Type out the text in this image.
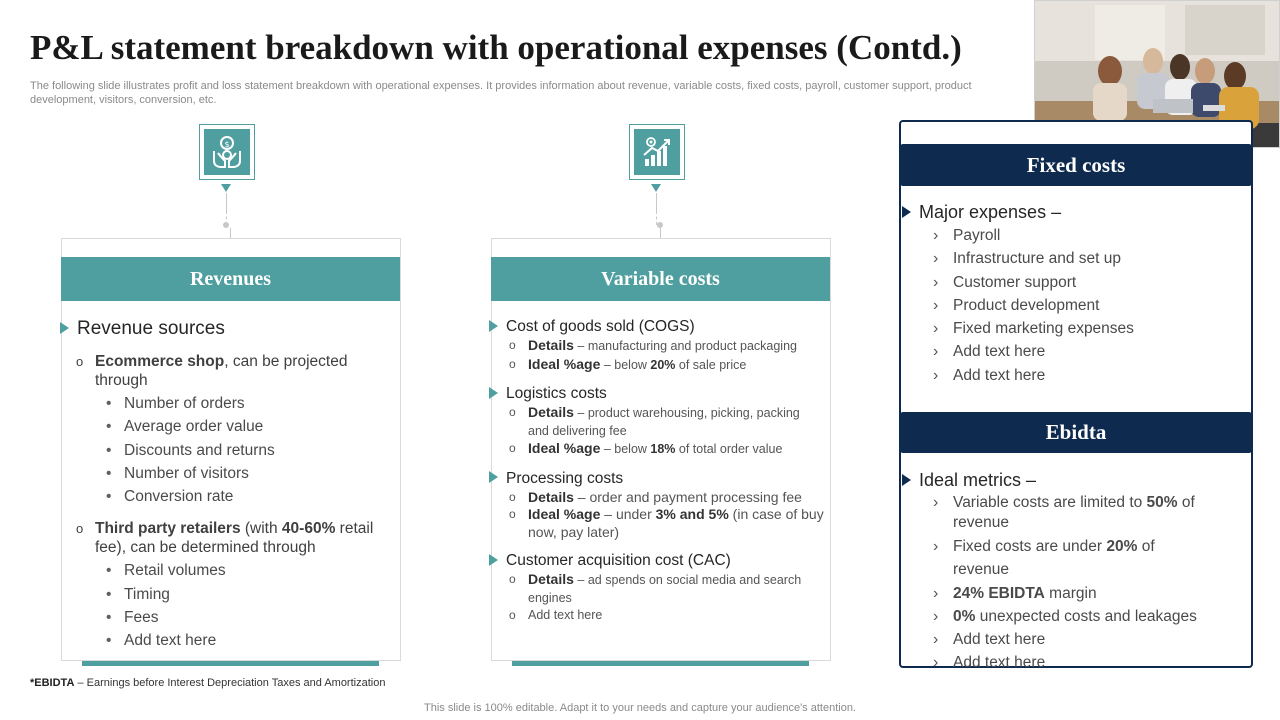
P&L statement breakdown with operational expenses (Contd.)
The following slide illustrates profit and loss statement breakdown with operational expenses. It provides information about revenue, variable costs, fixed costs, payroll, customer support, product development, visitors, conversion, etc.
$
Revenues
Revenue sources
o Ecommerce shop, can be projected through
• Number of orders
• Average order value
• Discounts and returns
• Number of visitors
• Conversion rate
o Third party retailers (with 40-60% retail fee), can be determined through
• Retail volumes
• Timing
• Fees
• Add text here
Variable costs
Cost of goods sold (COGS)
o Details – manufacturing and product packaging
o Ideal %age – below 20% of sale price
Logistics costs
o Details – product warehousing, picking, packing and delivering fee
o Ideal %age – below 18% of total order value
Processing costs
o Details – order and payment processing fee
o Ideal %age – under 3% and 5% (in case of buy now, pay later)
Customer acquisition cost (CAC)
o Details – ad spends on social media and search engines
o Add text here
Fixed costs
Major expenses –
› Payroll
› Infrastructure and set up
› Customer support
› Product development
› Fixed marketing expenses
› Add text here
› Add text here
Ebidta
Ideal metrics –
› Variable costs are limited to 50% of revenue
› Fixed costs are under 20% of revenue
› 24% EBIDTA margin
› 0% unexpected costs and leakages
› Add text here
› Add text here
*EBIDTA – Earnings before Interest Depreciation Taxes and Amortization
This slide is 100% editable. Adapt it to your needs and capture your audience's attention.
